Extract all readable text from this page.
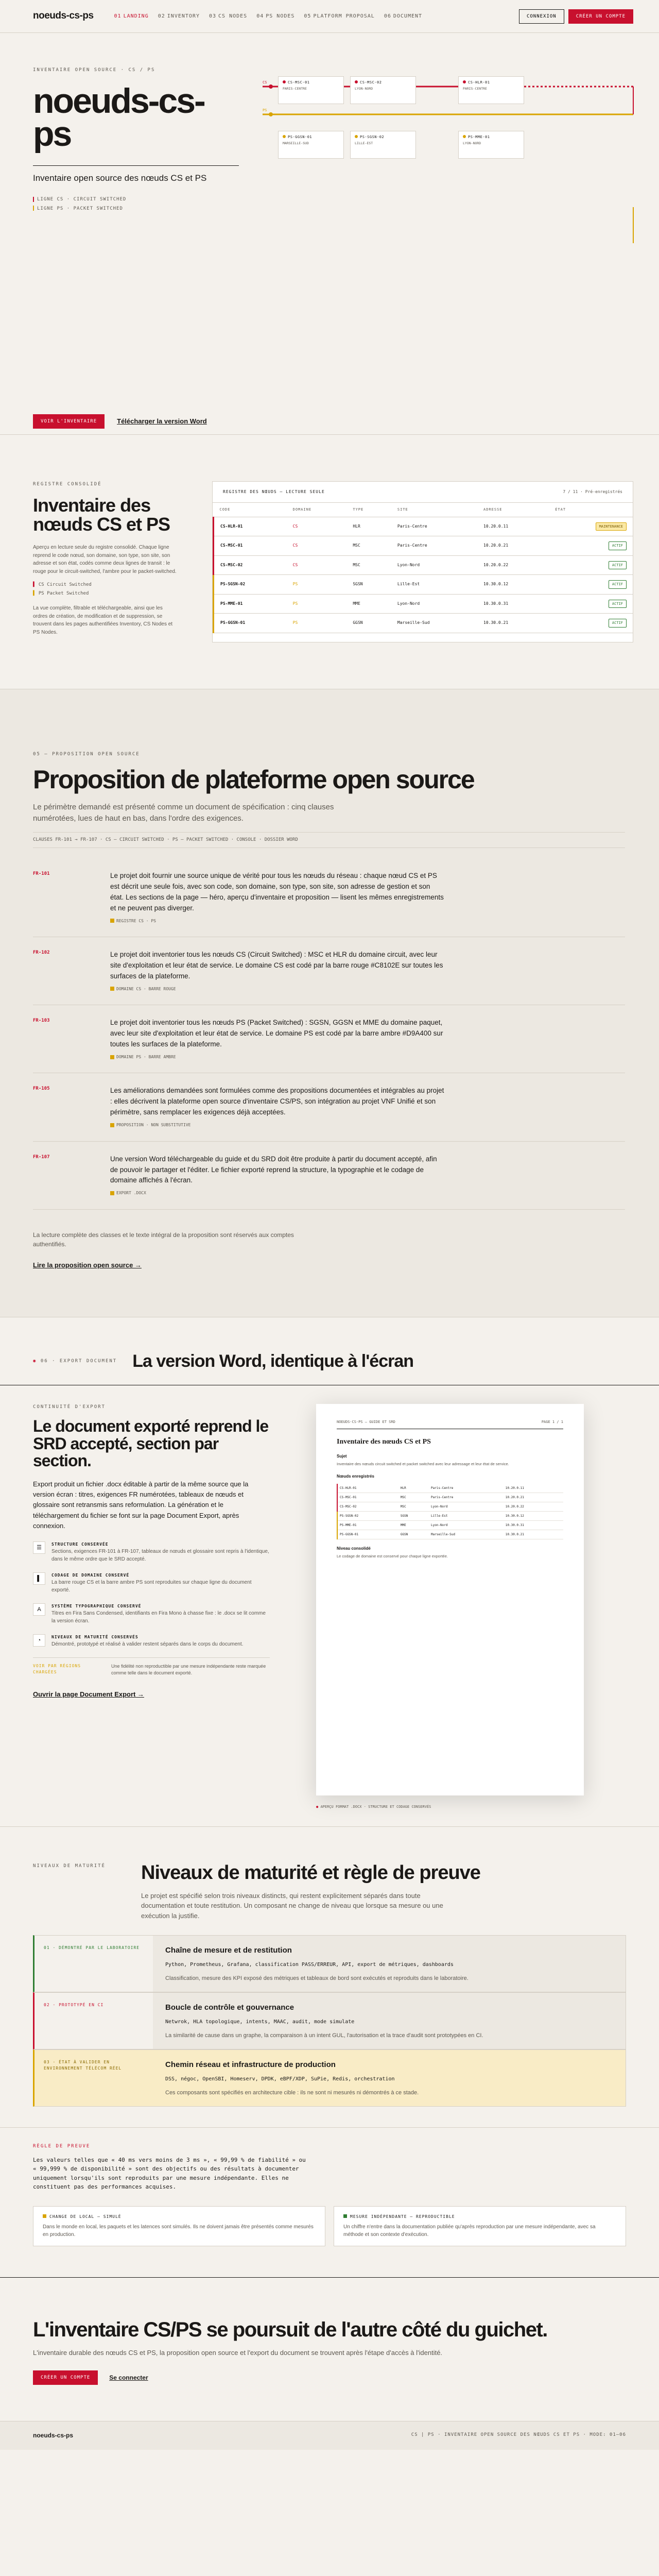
noeuds-cs-ps	01 LANDING 02 INVENTORY 03 CS NODES 04 PS NODES 05 PLATFORM PROPOSAL 06 DOCUMENT	CONNEXION	CRÉER UN COMPTE
INVENTAIRE OPEN SOURCE · CS / PS
noeuds-cs-ps
Inventaire open source des nœuds CS et PS
LIGNE CS · CIRCUIT SWITCHED
LIGNE PS · PACKET SWITCHED
CS
PS
CS-MSC-01
PARIS-CENTRE
CS-MSC-02
LYON-NORD
CS-HLR-01
PARIS-CENTRE
PS-GGSN-01
MARSEILLE-SUD
PS-SGSN-02
LILLE-EST
PS-MME-01
LYON-NORD
VOIR L'INVENTAIRE	Télécharger la version Word
REGISTRE CONSOLIDÉ
Inventaire des nœuds CS et PS

Aperçu en lecture seule du registre consolidé. Chaque ligne reprend le code nœud, son domaine, son type, son site, son adresse et son état, codés comme deux lignes de transit : le rouge pour le circuit-switched, l'ambre pour le packet-switched.

▌ CS Circuit Switched
▌ PS Packet Switched

La vue complète, filtrable et téléchargeable, ainsi que les ordres de création, de modification et de suppression, se trouvent dans les pages authentifiées Inventory, CS Nodes et PS Nodes.

REGISTRE DES NŒUDS — LECTURE SEULE	7 / 11 · Pré-enregistrés
CODE	DOMAINE	TYPE	SITE	ADRESSE	ÉTAT
CS-HLR-01	CS	HLR	Paris-Centre	10.20.0.11	MAINTENANCE
CS-MSC-01	CS	MSC	Paris-Centre	10.20.0.21	ACTIF
CS-MSC-02	CS	MSC	Lyon-Nord	10.20.0.22	ACTIF
PS-SGSN-02	PS	SGSN	Lille-Est	10.30.0.12	ACTIF
PS-MME-01	PS	MME	Lyon-Nord	10.30.0.31	ACTIF
PS-GGSN-01	PS	GGSN	Marseille-Sud	10.30.0.21	ACTIF
05 — PROPOSITION OPEN SOURCE
Proposition de plateforme open source
Le périmètre demandé est présenté comme un document de spécification : cinq clauses numérotées, lues de haut en bas, dans l'ordre des exigences.
CLAUSES FR-101 → FR-107 · CS — CIRCUIT SWITCHED · PS — PACKET SWITCHED · CONSOLE · DOSSIER WORD
FR-101	Le projet doit fournir une source unique de vérité pour tous les nœuds du réseau : chaque nœud CS et PS est décrit une seule fois, avec son code, son domaine, son type, son site, son adresse de gestion et son état. Les sections de la page — héro, aperçu d'inventaire et proposition — lisent les mêmes enregistrements et ne peuvent pas diverger.
REGISTRE CS · PS
FR-102	Le projet doit inventorier tous les nœuds CS (Circuit Switched) : MSC et HLR du domaine circuit, avec leur site d'exploitation et leur état de service. Le domaine CS est codé par la barre rouge #C8102E sur toutes les surfaces de la plateforme.
DOMAINE CS · BARRE ROUGE
FR-103	Le projet doit inventorier tous les nœuds PS (Packet Switched) : SGSN, GGSN et MME du domaine paquet, avec leur site d'exploitation et leur état de service. Le domaine PS est codé par la barre ambre #D9A400 sur toutes les surfaces de la plateforme.
DOMAINE PS · BARRE AMBRE
FR-105	Les améliorations demandées sont formulées comme des propositions documentées et intégrables au projet : elles décrivent la plateforme open source d'inventaire CS/PS, son intégration au projet VNF Unifié et son périmètre, sans remplacer les exigences déjà acceptées.
PROPOSITION · NON SUBSTITUTIVE
FR-107	Une version Word téléchargeable du guide et du SRD doit être produite à partir du document accepté, afin de pouvoir le partager et l'éditer. Le fichier exporté reprend la structure, la typographie et le codage de domaine affichés à l'écran.
EXPORT .DOCX
La lecture complète des classes et le texte intégral de la proposition sont réservés aux comptes authentifiés.
Lire la proposition open source →
◉ 06 · EXPORT DOCUMENT La version Word, identique à l'écran
CONTINUITÉ D'EXPORT
Le document exporté reprend le SRD accepté, section par section.

Export produit un fichier .docx éditable à partir de la même source que la version écran : titres, exigences FR numérotées, tableaux de nœuds et glossaire sont retransmis sans reformulation. La génération et le téléchargement du fichier se font sur la page Document Export, après connexion.

☰
STRUCTURE CONSERVÉE
Sections, exigences FR-101 à FR-107, tableaux de nœuds et glossaire sont repris à l'identique, dans le même ordre que le SRD accepté.
▌
CODAGE DE DOMAINE CONSERVÉ
La barre rouge CS et la barre ambre PS sont reproduites sur chaque ligne du document exporté.
A
SYSTÈME TYPOGRAPHIQUE CONSERVÉ
Titres en Fira Sans Condensed, identifiants en Fira Mono à chasse fixe : le .docx se lit comme la version écran.
◔
NIVEAUX DE MATURITÉ CONSERVÉS
Démontré, prototypé et réalisé à valider restent séparés dans le corps du document.
VOIR PAR RÉGIONS CHARGÉES
Une fidèlité non reproductible par une mesure indépendante reste marquée comme telle dans le document exporté.
Ouvrir la page Document Export →
NOEUDS-CS-PS — GUIDE ET SRD	PAGE 1 / 1
Inventaire des nœuds CS et PS
Sujet
Inventaire des nœuds circuit switched et packet switched avec leur adressage et leur état de service.
Nœuds enregistrés
CS-HLR-01	HLR	Paris-Centre	10.20.0.11
CS-MSC-01	MSC	Paris-Centre	10.20.0.21
CS-MSC-02	MSC	Lyon-Nord	10.20.0.22
PS-SGSN-02	SGSN	Lille-Est	10.30.0.12
PS-MME-01	MME	Lyon-Nord	10.30.0.31
PS-GGSN-01	GGSN	Marseille-Sud	10.30.0.21
Niveau consolidé
Le codage de domaine est conservé pour chaque ligne exportée.
● APERÇU FORMAT .DOCX · STRUCTURE ET CODAGE CONSERVÉS
NIVEAUX DE MATURITÉ Niveaux de maturité et règle de preuve

Le projet est spécifié selon trois niveaux distincts, qui restent explicitement séparés dans toute documentation et toute restitution. Un composant ne change de niveau que lorsque sa mesure ou une exécution la justifie.

01 · DÉMONTRÉ PAR LE LABORATOIRE	Chaîne de mesure et de restitution
Python, Prometheus, Grafana, classification PASS/ERREUR, API, export de métriques, dashboards
Classification, mesure des KPI exposé des métriques et tableaux de bord sont exécutés et reproduits dans le laboratoire.
02 · PROTOTYPÉ EN CI	Boucle de contrôle et gouvernance
Netwrok, HLA topologique, intents, MAAC, audit, mode simulate
La similarité de cause dans un graphe, la comparaison à un intent GUL, l'autorisation et la trace d'audit sont prototypées en CI.
03 · ÉTAT À VALIDER EN ENVIRONNEMENT TÉLÉCOM RÉEL	Chemin réseau et infrastructure de production
DSS, négoc, OpenSBI, Homeserv, DPDK, eBPF/XDP, SuPie, Redis, orchestration
Ces composants sont spécifiés en architecture cible : ils ne sont ni mesurés ni démontrés à ce stade.
RÈGLE DE PREUVE

Les valeurs telles que « 40 ms vers moins de 3 ms », « 99,99 % de fiabilité » ou « 99,999 % de disponibilité » sont des objectifs ou des résultats à documenter uniquement lorsqu'ils sont reproduits par une mesure indépendante. Elles ne constituent pas des performances acquises.

CHANGE DE LOCAL — SIMULÉ
Dans le monde en local, les paquets et les latences sont simulés. Ils ne doivent jamais être présentés comme mesurés en production.
MESURE INDÉPENDANTE — REPRODUCTIBLE
Un chiffre n'entre dans la documentation publiée qu'après reproduction par une mesure indépendante, avec sa méthode et son contexte d'exécution.
L'inventaire CS/PS se poursuit de l'autre côté du guichet.

L'inventaire durable des nœuds CS et PS, la proposition open source et l'export du document se trouvent après l'étape d'accès à l'identité.

CRÉER UN COMPTE	Se connecter
noeuds-cs-ps	CS | PS · INVENTAIRE OPEN SOURCE DES NŒUDS CS ET PS · MODE: 01–06
